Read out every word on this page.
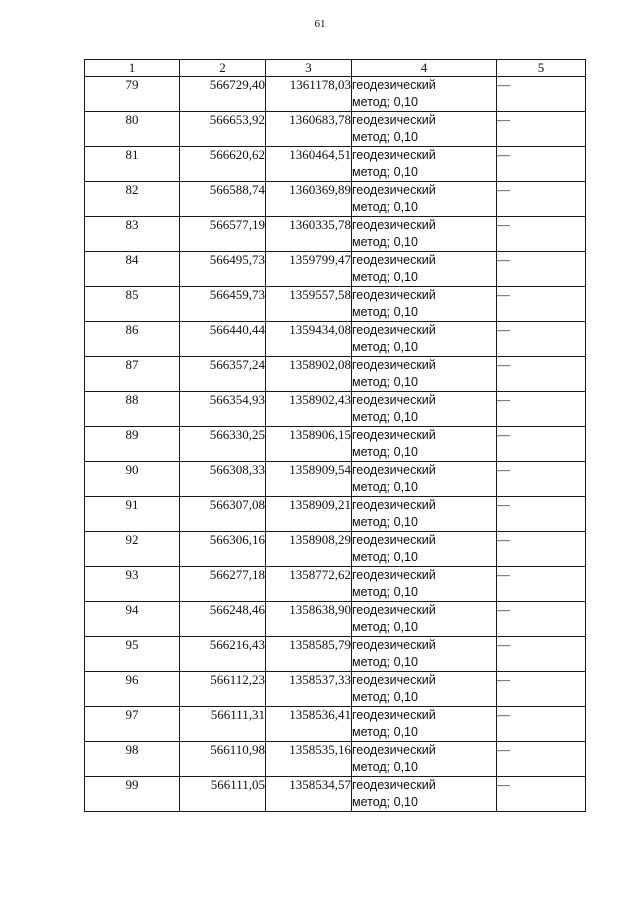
61
1	2	3	4	5
79	566729,40	1361178,03	геодезический
метод; 0,10	—
80	566653,92	1360683,78	геодезический
метод; 0,10	—
81	566620,62	1360464,51	геодезический
метод; 0,10	—
82	566588,74	1360369,89	геодезический
метод; 0,10	—
83	566577,19	1360335,78	геодезический
метод; 0,10	—
84	566495,73	1359799,47	геодезический
метод; 0,10	—
85	566459,73	1359557,58	геодезический
метод; 0,10	—
86	566440,44	1359434,08	геодезический
метод; 0,10	—
87	566357,24	1358902,08	геодезический
метод; 0,10	—
88	566354,93	1358902,43	геодезический
метод; 0,10	—
89	566330,25	1358906,15	геодезический
метод; 0,10	—
90	566308,33	1358909,54	геодезический
метод; 0,10	—
91	566307,08	1358909,21	геодезический
метод; 0,10	—
92	566306,16	1358908,29	геодезический
метод; 0,10	—
93	566277,18	1358772,62	геодезический
метод; 0,10	—
94	566248,46	1358638,90	геодезический
метод; 0,10	—
95	566216,43	1358585,79	геодезический
метод; 0,10	—
96	566112,23	1358537,33	геодезический
метод; 0,10	—
97	566111,31	1358536,41	геодезический
метод; 0,10	—
98	566110,98	1358535,16	геодезический
метод; 0,10	—
99	566111,05	1358534,57	геодезический
метод; 0,10	—
